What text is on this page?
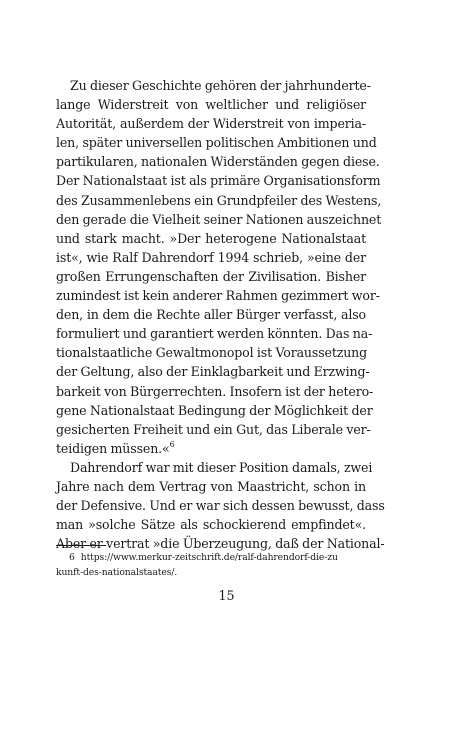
Zu dieser Geschichte gehören der jahrhunderte-
lange Widerstreit von weltlicher und religiöser
Autorität, außerdem der Widerstreit von imperia-
len, später universellen politischen Ambitionen und
partikularen, nationalen Widerständen gegen diese.
Der Nationalstaat ist als primäre Organisationsform
des Zusammenlebens ein Grundpfeiler des Westens,
den gerade die Vielheit seiner Nationen auszeichnet
und stark macht. »Der heterogene Nationalstaat
ist«, wie Ralf Dahrendorf 1994 schrieb, »eine der
großen Errungenschaften der Zivilisation. Bisher
zumindest ist kein anderer Rahmen gezimmert wor-
den, in dem die Rechte aller Bürger verfasst, also
formuliert und garantiert werden könnten. Das na-
tionalstaatliche Gewaltmonopol ist Voraussetzung
der Geltung, also der Einklagbarkeit und Erzwing-
barkeit von Bürgerrechten. Insofern ist der hetero-
gene Nationalstaat Bedingung der Möglichkeit der
gesicherten Freiheit und ein Gut, das Liberale ver-
teidigen müssen.«$^6$
Dahrendorf war mit dieser Position damals, zwei
Jahre nach dem Vertrag von Maastricht, schon in
der Defensive. Und er war sich dessen bewusst, dass
man »solche Sätze als schockierend empfindet«.
Aber er vertrat »die Überzeugung, daß der National-
6 https://www.merkur-zeitschrift.de/ralf-dahrendorf-die-zu
kunft-des-nationalstaates/.
15
